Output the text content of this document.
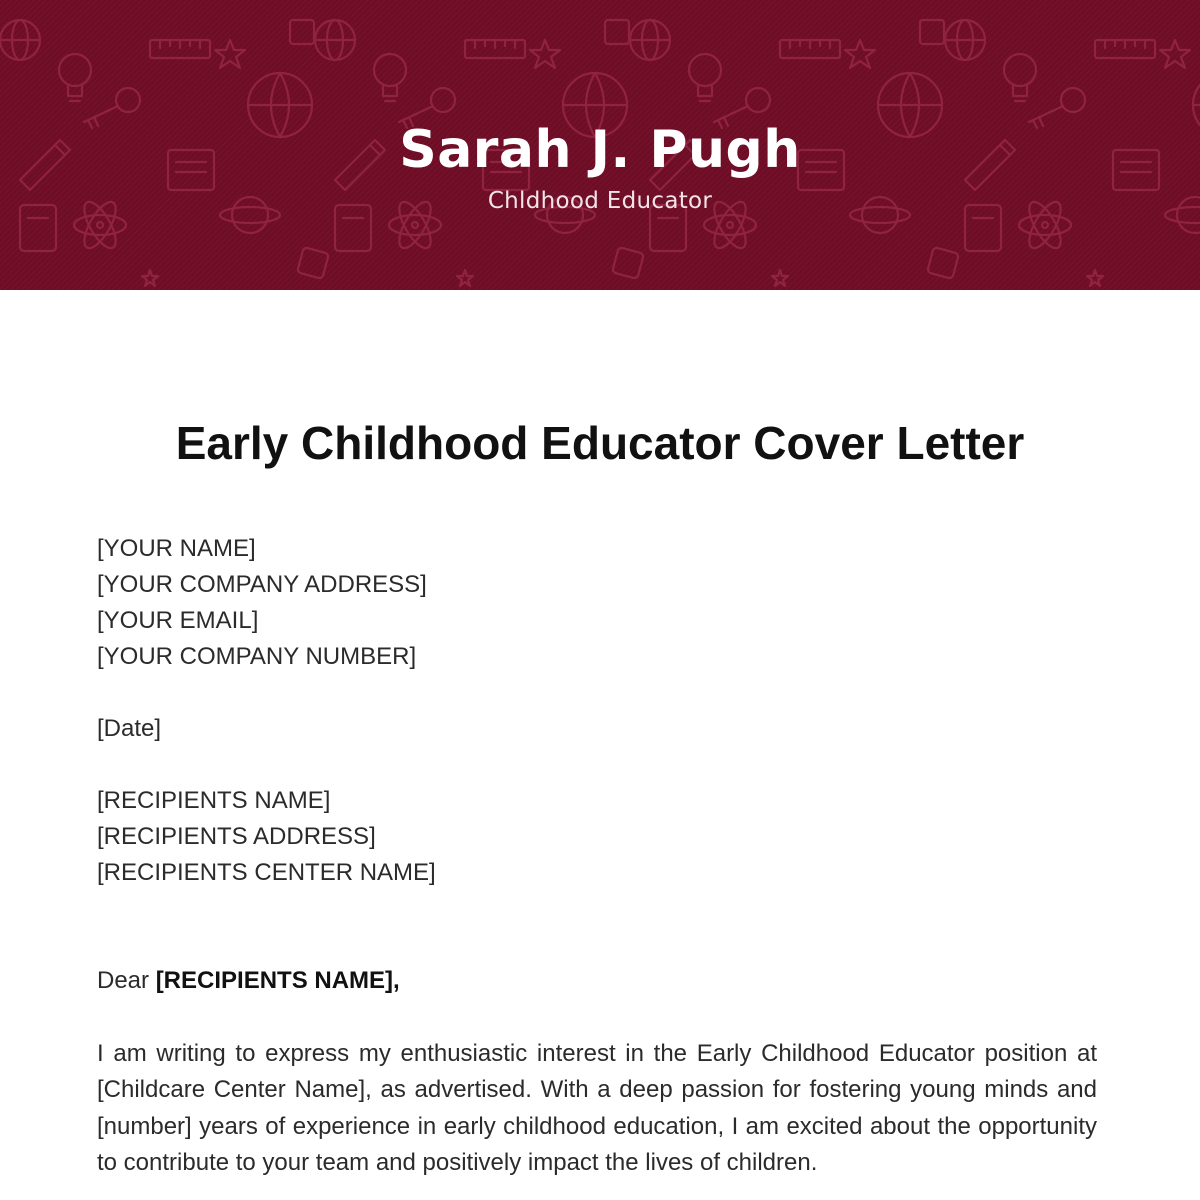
Sarah J. Pugh
Chldhood Educator
Early Childhood Educator Cover Letter
[YOUR NAME]
[YOUR COMPANY ADDRESS]
[YOUR EMAIL]
[YOUR COMPANY NUMBER]
[Date]
[RECIPIENTS NAME]
[RECIPIENTS ADDRESS]
[RECIPIENTS CENTER NAME]
Dear [RECIPIENTS NAME],
I am writing to express my enthusiastic interest in the Early Childhood Educator position at [Childcare Center Name], as advertised. With a deep passion for fostering young minds and [number] years of experience in early childhood education, I am excited about the opportunity to contribute to your team and positively impact the lives of children.
